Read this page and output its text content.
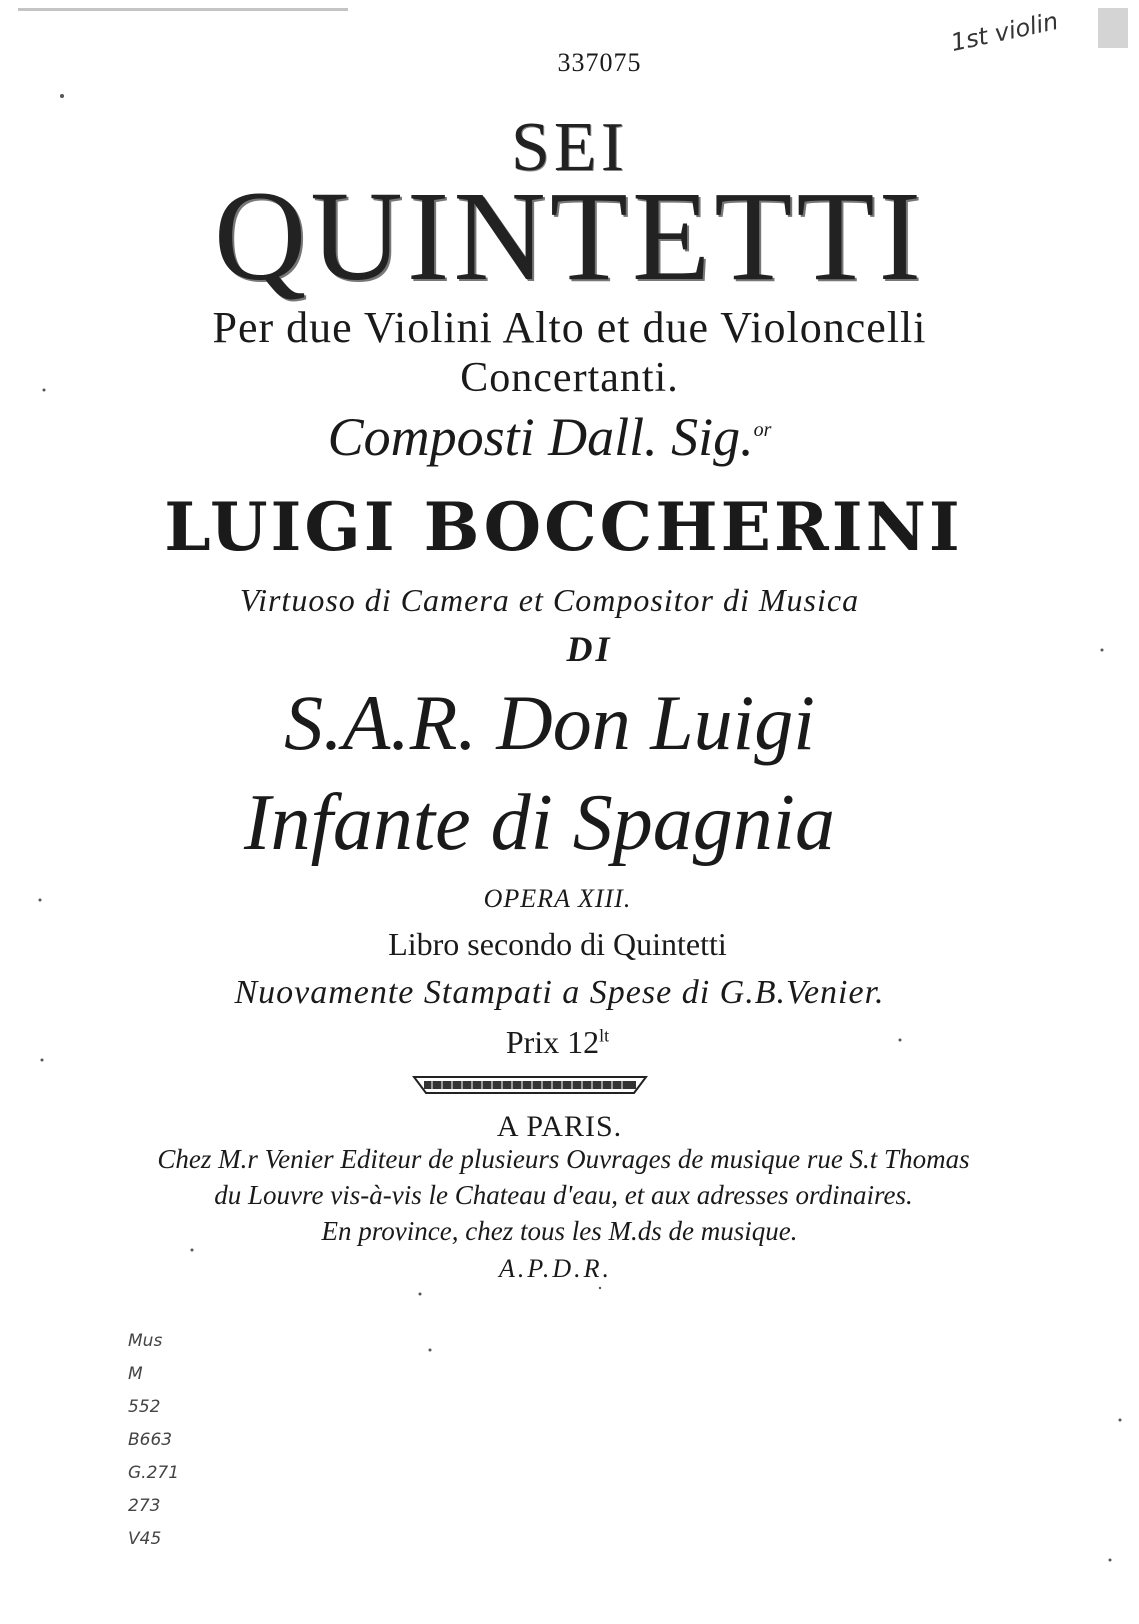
337075
1st violin
SEI
QUINTETTI
Per due Violini Alto et due Violoncelli
Concertanti.
Composti Dall. Sig.$^{or}$
LUIGI BOCCHERINI
Virtuoso di Camera et Compositor di Musica
DI
S.A.R. Don Luigi
Infante di Spagnia
OPERA XIII.
Libro secondo di Quintetti
Nuovamente Stampati a Spese di G.B.Venier.
Prix $12^{lt}$
A PARIS.
Chez M.r Venier Editeur de plusieurs Ouvrages de musique rue S.t Thomas
du Louvre vis-à-vis le Chateau d'eau, et aux adresses ordinaires.
En province, chez tous les M.ds de musique.
A.P.D.R.
Mus
M
552
B663
G.271
273
V45
